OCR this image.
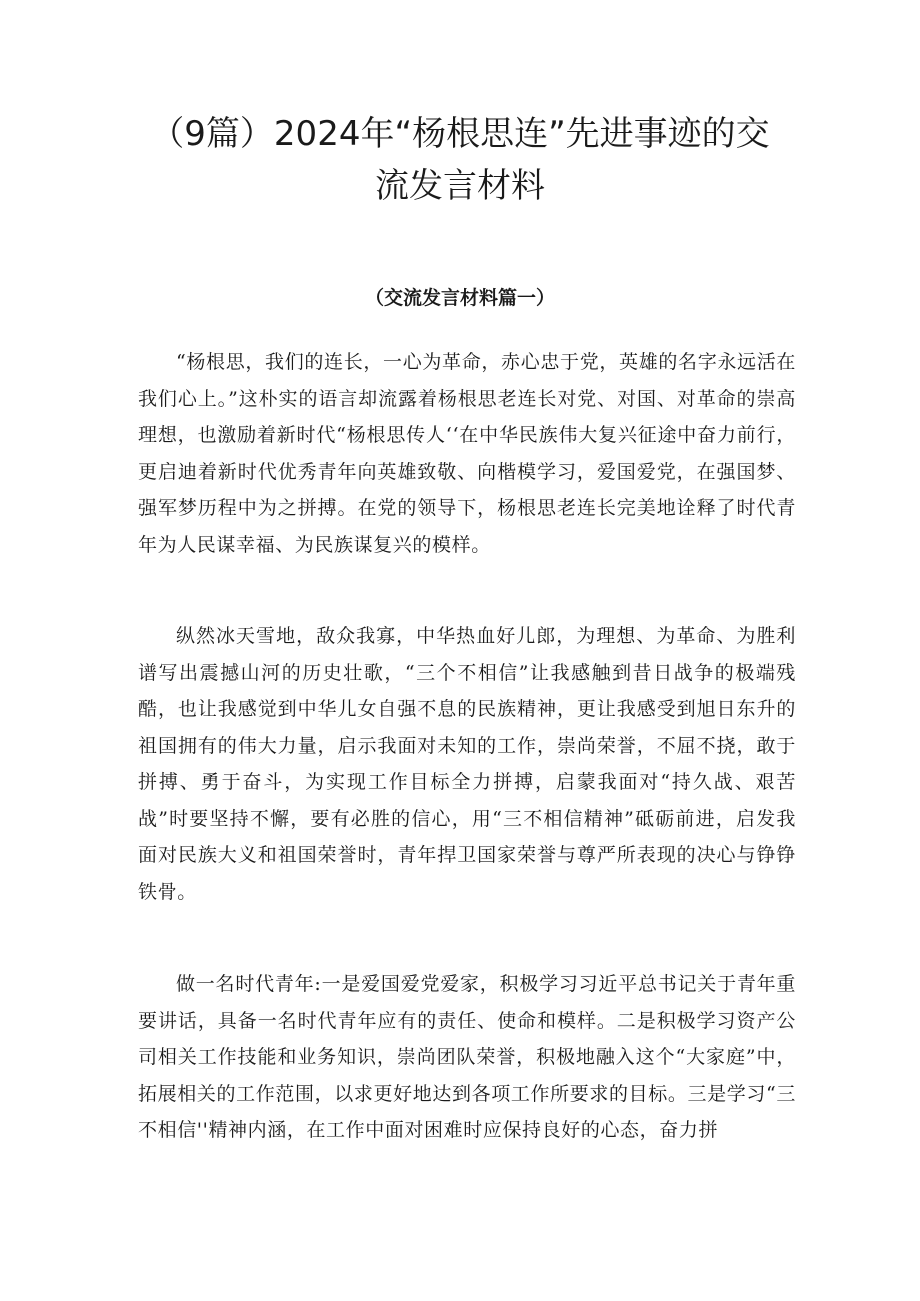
（9篇）2024年“杨根思连”先进事迹的交
流发言材料
（交流发言材料篇一）

“杨根思，我们的连长，一心为革命，赤心忠于党，英雄的名字永远活在我们心上。”这朴实的语言却流露着杨根思老连长对党、对国、对革命的崇高理想，也激励着新时代“杨根思传人‘‘在中华民族伟大复兴征途中奋力前行，更启迪着新时代优秀青年向英雄致敬、向楷模学习，爱国爱党，在强国梦、强军梦历程中为之拼搏。在党的领导下，杨根思老连长完美地诠释了时代青年为人民谋幸福、为民族谋复兴的模样。

纵然冰天雪地，敌众我寡，中华热血好儿郎，为理想、为革命、为胜利谱写出震撼山河的历史壮歌，“三个不相信”让我感触到昔日战争的极端残酷，也让我感觉到中华儿女自强不息的民族精神，更让我感受到旭日东升的祖国拥有的伟大力量，启示我面对未知的工作，崇尚荣誉，不屈不挠，敢于拼搏、勇于奋斗，为实现工作目标全力拼搏，启蒙我面对“持久战、艰苦战”时要坚持不懈，要有必胜的信心，用“三不相信精神”砥砺前进，启发我面对民族大义和祖国荣誉时，青年捍卫国家荣誉与尊严所表现的决心与铮铮铁骨。

做一名时代青年:一是爱国爱党爱家，积极学习习近平总书记关于青年重要讲话，具备一名时代青年应有的责任、使命和模样。二是积极学习资产公司相关工作技能和业务知识，崇尚团队荣誉，积极地融入这个“大家庭”中，拓展相关的工作范围，以求更好地达到各项工作所要求的目标。三是学习“三不相信''精神内涵，在工作中面对困难时应保持良好的心态，奋力拼
